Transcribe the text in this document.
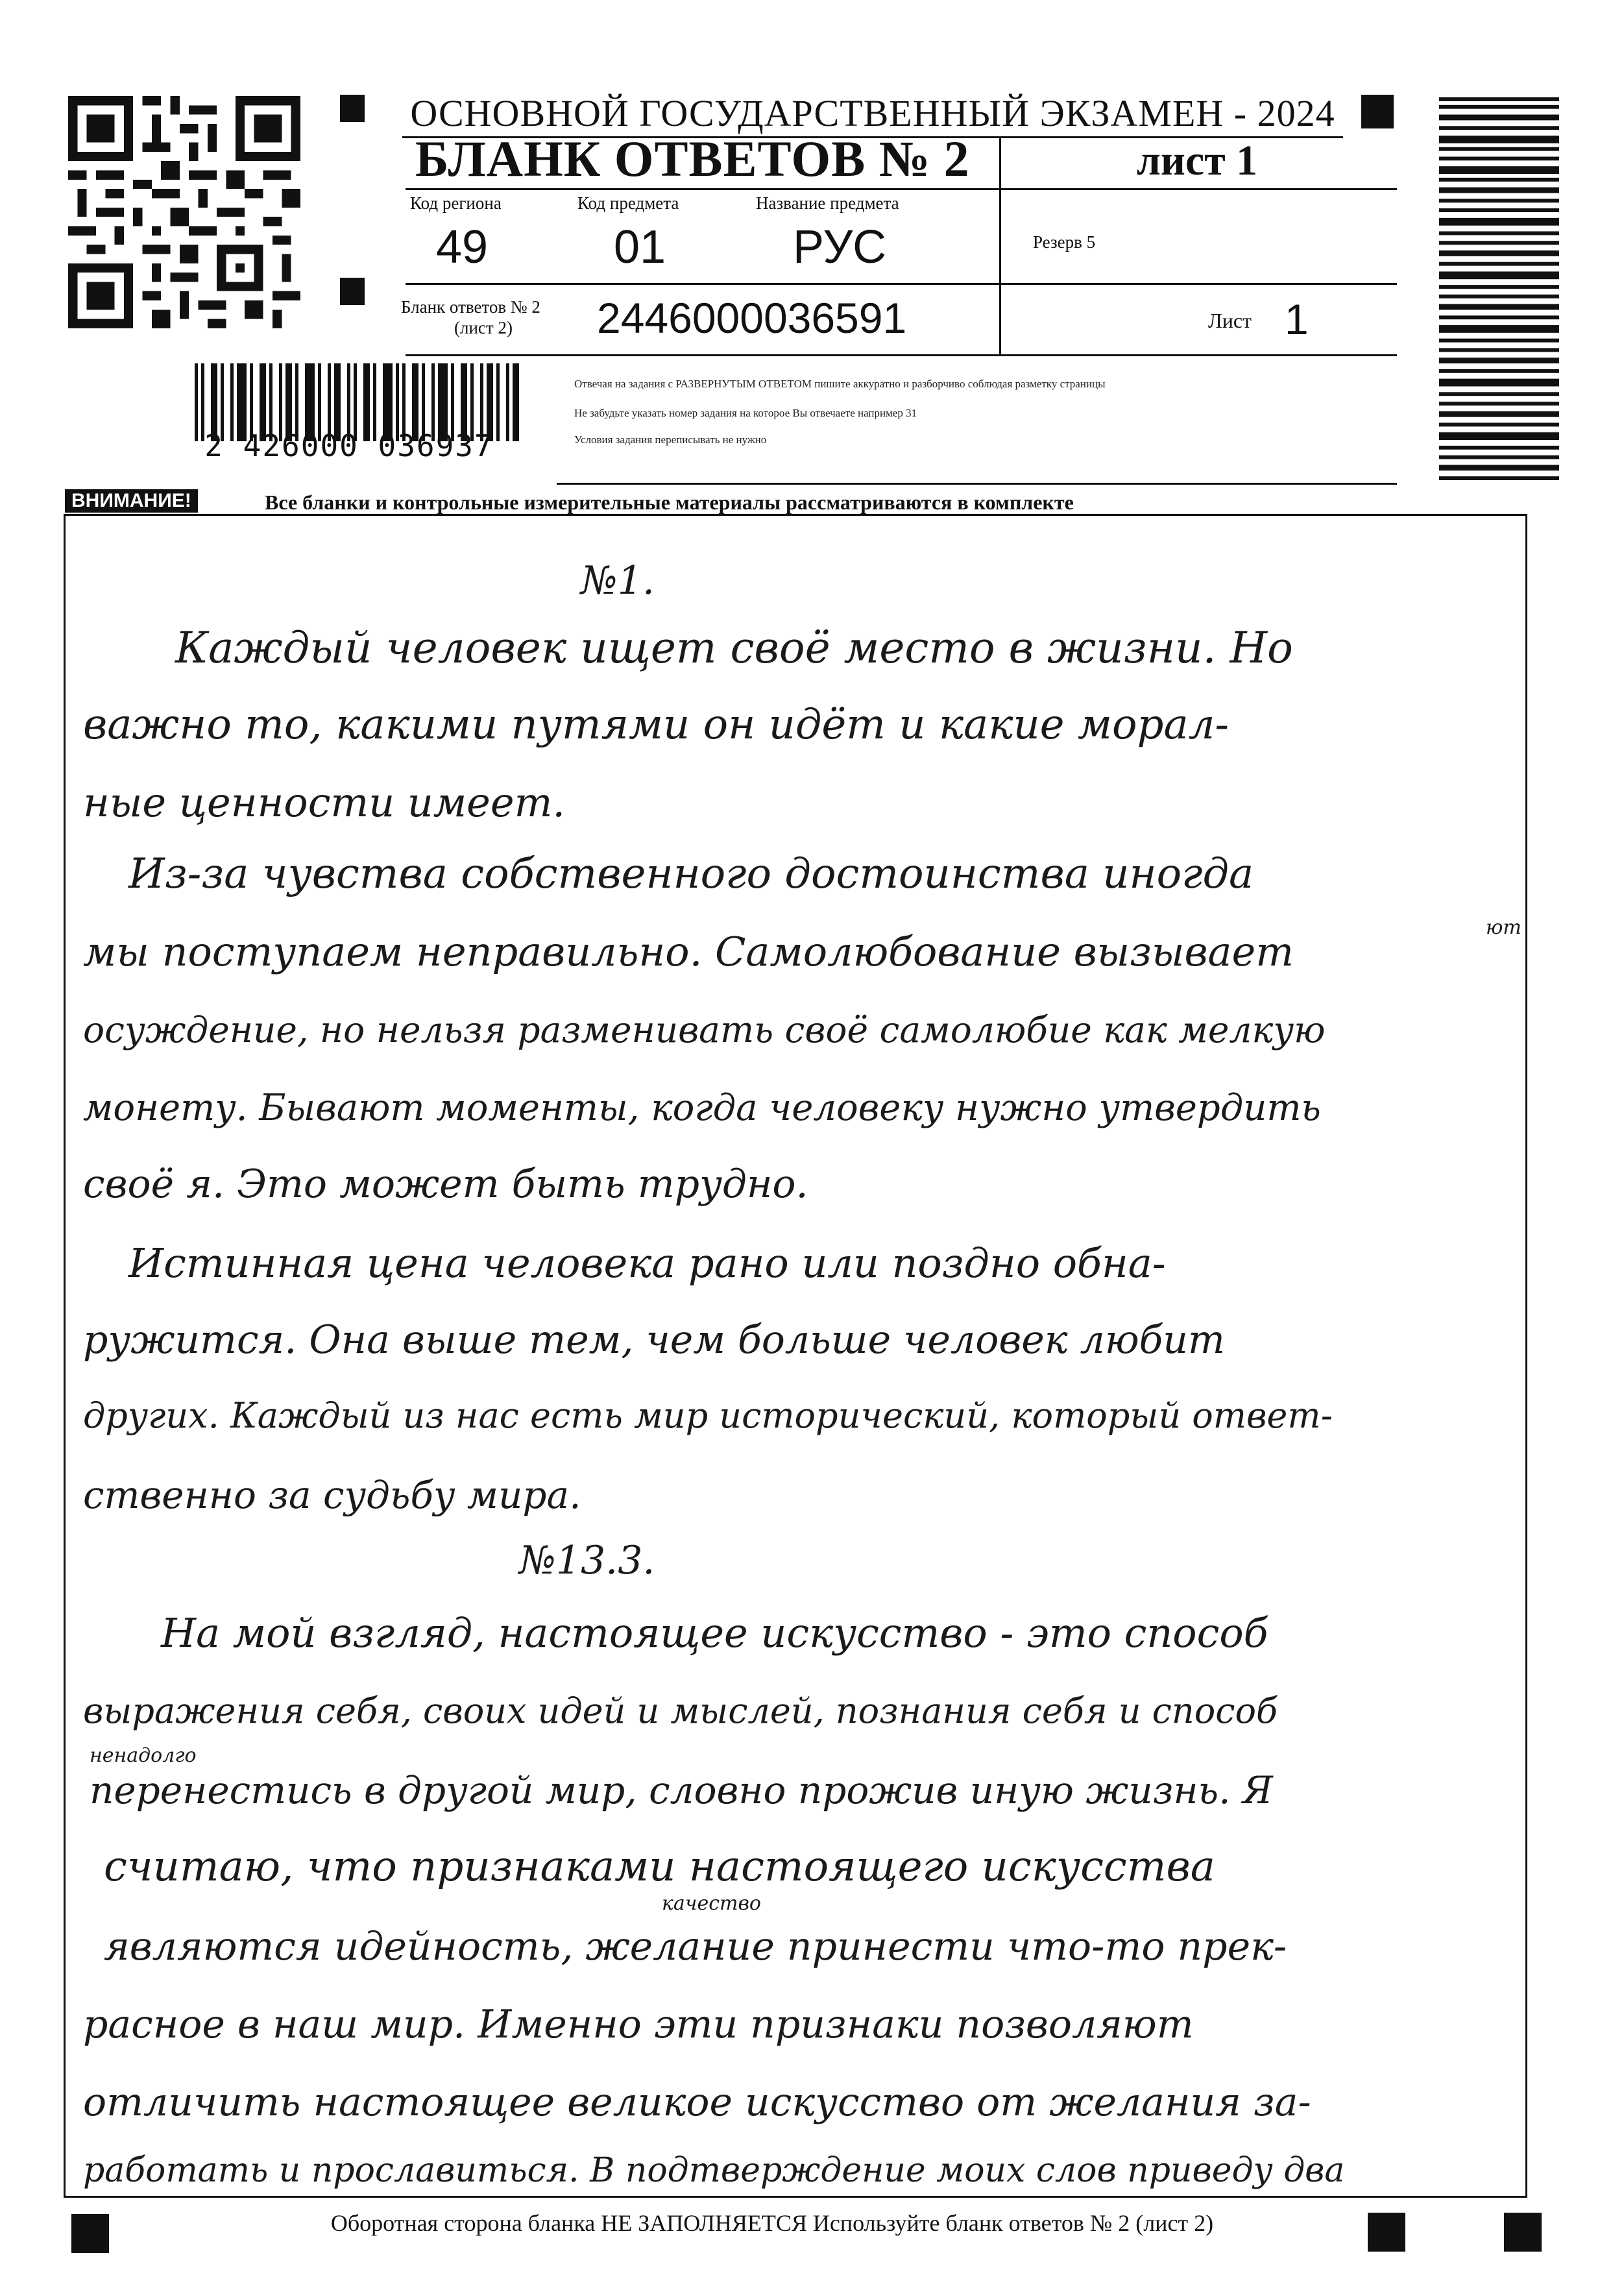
2 426000 036937
ОСНОВНОЙ ГОСУДАРСТВЕННЫЙ ЭКЗАМЕН - 2024
БЛАНК ОТВЕТОВ № 2	лист 1
Код региона
49
Код предмета
01
Название предмета
РУС	Резерв 5
Бланк ответов № 2
(лист 2) 2446000036591	Лист 1
Отвечая на задания с РАЗВЕРНУТЫМ ОТВЕТОМ пишите аккуратно и разборчиво соблюдая разметку страницы
Не забудьте указать номер задания на которое Вы отвечаете например 31
Условия задания переписывать не нужно
ВНИМАНИЕ!	Все бланки и контрольные измерительные материалы рассматриваются в комплекте
№1.
Каждый человек ищет своё место в жизни. Но
важно то, какими путями он идёт и какие морал-
ные ценности имеет.
Из-за чувства собственного достоинства иногда
мы поступаем неправильно. Самолюбование вызывает
ют
осуждение, но нельзя разменивать своё самолюбие как мелкую
монету. Бывают моменты, когда человеку нужно утвердить
своё я. Это может быть трудно.
Истинная цена человека рано или поздно обна-
ружится. Она выше тем, чем больше человек любит
других. Каждый из нас есть мир исторический, который ответ-
ственно за судьбу мира.
№13.3.
На мой взгляд, настоящее искусство - это способ
выражения себя, своих идей и мыслей, познания себя и способ
ненадолго
перенестись в другой мир, словно прожив иную жизнь. Я
считаю, что признаками настоящего искусства
качество
являются идейность, желание принести что-то прек-
расное в наш мир. Именно эти признаки позволяют
отличить настоящее великое искусство от желания за-
работать и прославиться. В подтверждение моих слов приведу два
Оборотная сторона бланка НЕ ЗАПОЛНЯЕТСЯ Используйте бланк ответов № 2 (лист 2)
